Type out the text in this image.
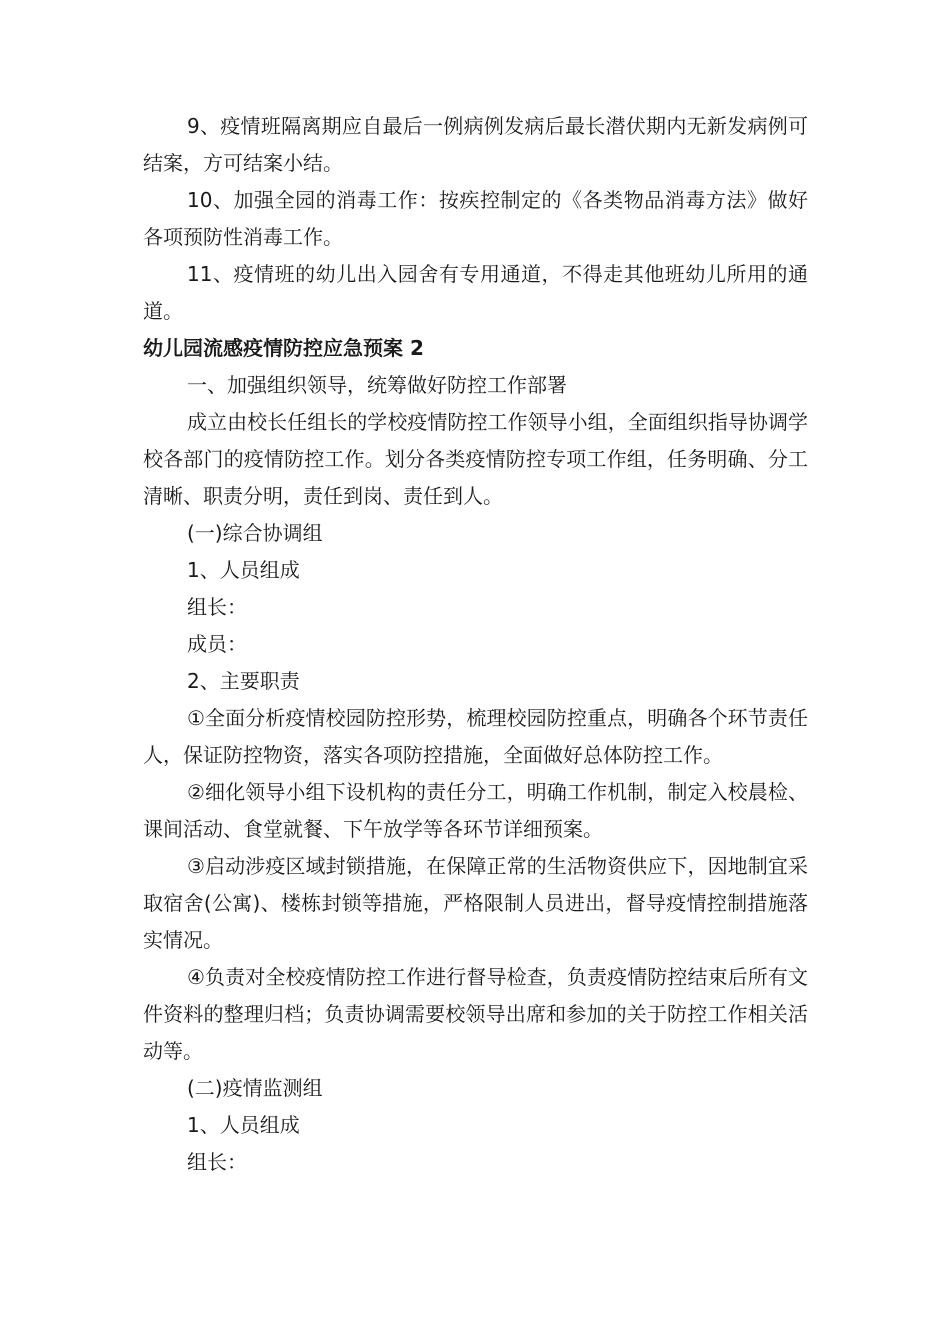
9、疫情班隔离期应自最后一例病例发病后最长潜伏期内无新发病例可结案，方可结案小结。

10、加强全园的消毒工作：按疾控制定的《各类物品消毒方法》做好各项预防性消毒工作。

11、疫情班的幼儿出入园舍有专用通道，不得走其他班幼儿所用的通道。

幼儿园流感疫情防控应急预案 2

一、加强组织领导，统筹做好防控工作部署

成立由校长任组长的学校疫情防控工作领导小组，全面组织指导协调学校各部门的疫情防控工作。划分各类疫情防控专项工作组，任务明确、分工清晰、职责分明，责任到岗、责任到人。

(一)综合协调组

1、人员组成

组长：

成员：

2、主要职责

①全面分析疫情校园防控形势，梳理校园防控重点，明确各个环节责任人，保证防控物资，落实各项防控措施，全面做好总体防控工作。

②细化领导小组下设机构的责任分工，明确工作机制，制定入校晨检、课间活动、食堂就餐、下午放学等各环节详细预案。

③启动涉疫区域封锁措施，在保障正常的生活物资供应下，因地制宜采取宿舍(公寓)、楼栋封锁等措施，严格限制人员进出，督导疫情控制措施落实情况。

④负责对全校疫情防控工作进行督导检查，负责疫情防控结束后所有文件资料的整理归档；负责协调需要校领导出席和参加的关于防控工作相关活动等。

(二)疫情监测组

1、人员组成

组长：
